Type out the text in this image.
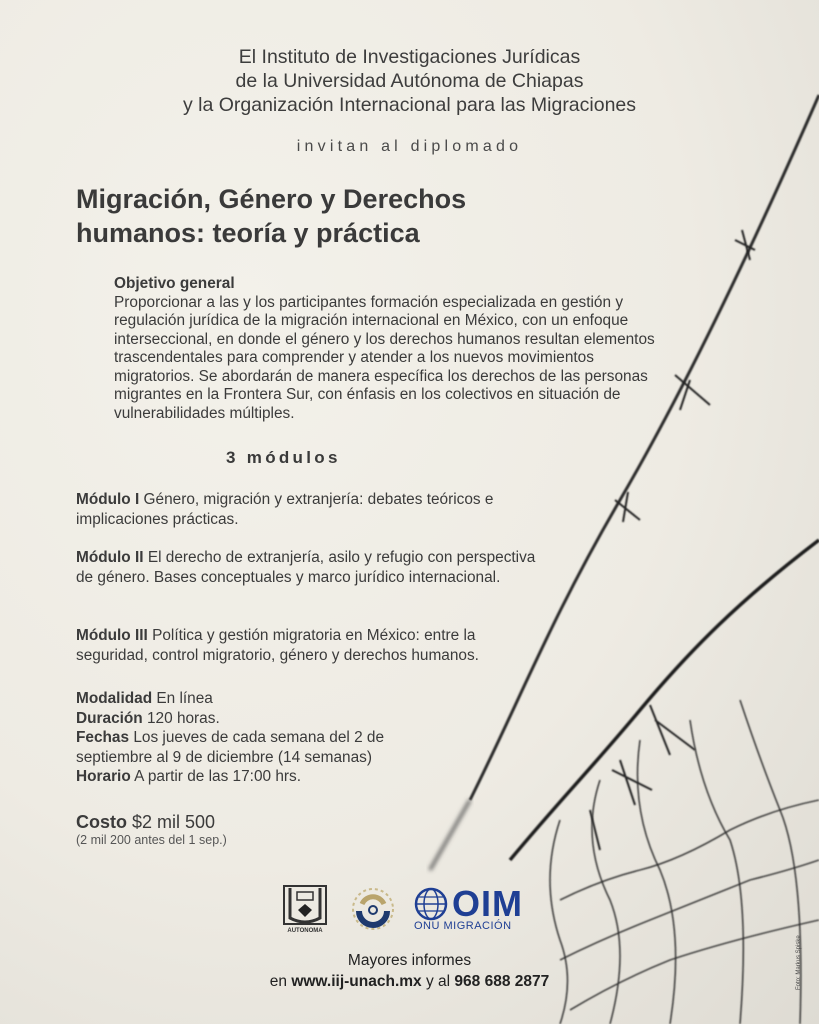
El Instituto de Investigaciones Jurídicas
de la Universidad Autónoma de Chiapas
y la Organización Internacional para las Migraciones
invitan al diplomado
Migración, Género y Derechos
humanos: teoría y práctica
Objetivo general
Proporcionar a las y los participantes formación especializada en gestión y regulación jurídica de la migración internacional en México, con un enfoque interseccional, en donde el género y los derechos humanos resultan elementos trascendentales para comprender y atender a los nuevos movimientos migratorios. Se abordarán de manera específica los derechos de las personas migrantes en la Frontera Sur, con énfasis en los colectivos en situación de vulnerabilidades múltiples.
3 módulos
Módulo I Género, migración y extranjería: debates teóricos e implicaciones prácticas.
Módulo II El derecho de extranjería, asilo y refugio con perspectiva de género. Bases conceptuales y marco jurídico internacional.
Módulo III Política y gestión migratoria en México: entre la seguridad, control migratorio, género y derechos humanos.
Modalidad En línea
Duración 120 horas.
Fechas Los jueves de cada semana del 2 de septiembre al 9 de diciembre (14 semanas)
Horario A partir de las 17:00 hrs.
Costo $2 mil 500
(2 mil 200 antes del 1 sep.)
AUTONOMA
OIM
ONU MIGRACIÓN
Mayores informes
en www.iij-unach.mx y al 968 688 2877	Foto: Markus Spiske
